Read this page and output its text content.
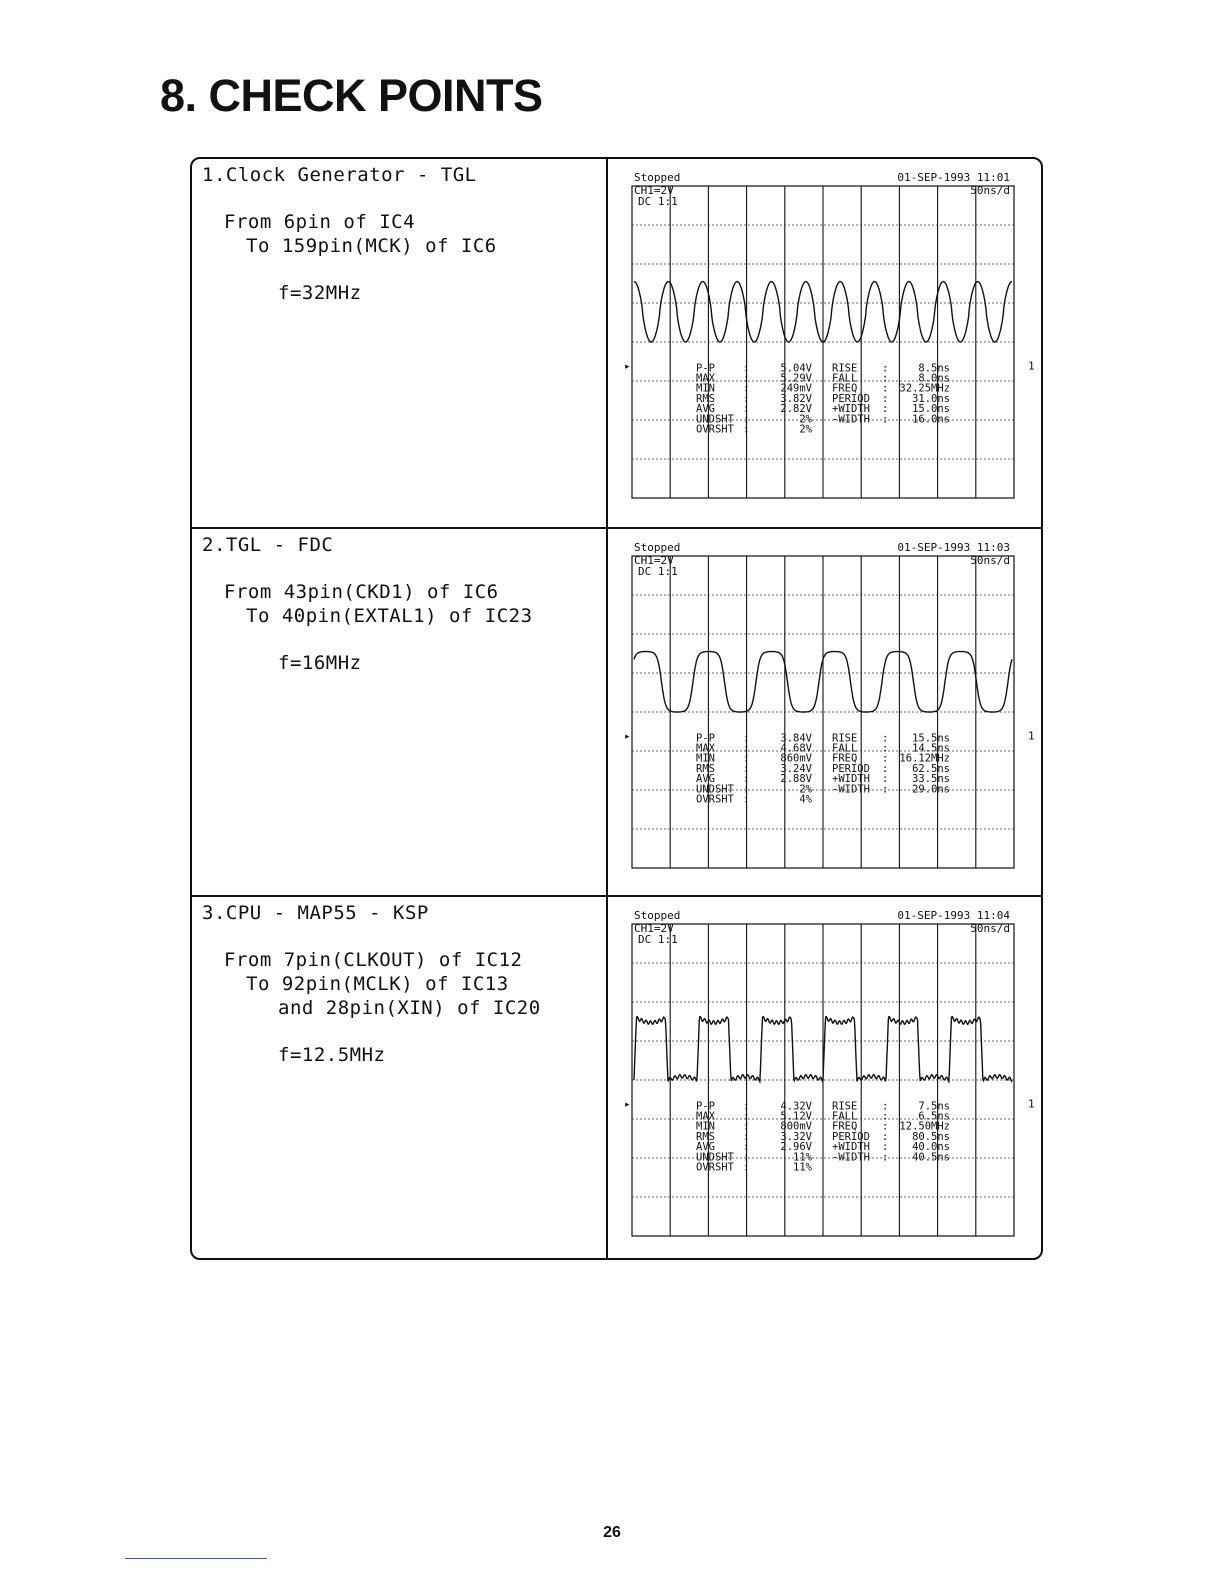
8. CHECK POINTS
1.Clock Generator - TGL
From 6pin of IC4
To 159pin(MCK) of IC6
f=32MHz
Stopped	01-SEP-1993 11:01
CH1=2V	50ns/d
DC 1:1
▸	1
P-P	:	5.04V
MAX	:	5.29V
MIN	:	249mV
RMS	:	3.82V
AVG	:	2.82V
UNDSHT :	2%
OVRSHT :	2%
RISE :	8.5ns
FALL :	8.0ns
FREQ : 32.25MHz
PERIOD : 31.0ns
+WIDTH : 15.0ns
-WIDTH : 16.0ns
2.TGL - FDC
From 43pin(CKD1) of IC6
To 40pin(EXTAL1) of IC23
f=16MHz
Stopped	01-SEP-1993 11:03
CH1=2V	50ns/d
DC 1:1
▸	1
P-P	:	3.84V
MAX	:	4.68V
MIN	:	860mV
RMS	:	3.24V
AVG	:	2.88V
UNDSHT :	2%
OVRSHT :	4%
RISE : 15.5ns
FALL : 14.5ns
FREQ : 16.12MHz
PERIOD : 62.5ns
+WIDTH : 33.5ns
-WIDTH : 29.0ns
3.CPU - MAP55 - KSP
From 7pin(CLKOUT) of IC12
To 92pin(MCLK) of IC13
and 28pin(XIN) of IC20
f=12.5MHz
Stopped	01-SEP-1993 11:04
CH1=2V	50ns/d
DC 1:1
▸	1
P-P	:	4.32V
MAX	:	5.12V
MIN	:	800mV
RMS	:	3.32V
AVG	:	2.96V
UNDSHT :	11%
OVRSHT :	11%
RISE :	7.5ns
FALL :	6.5ns
FREQ : 12.50MHz
PERIOD : 80.5ns
+WIDTH : 40.0ns
-WIDTH : 40.5ns
26
